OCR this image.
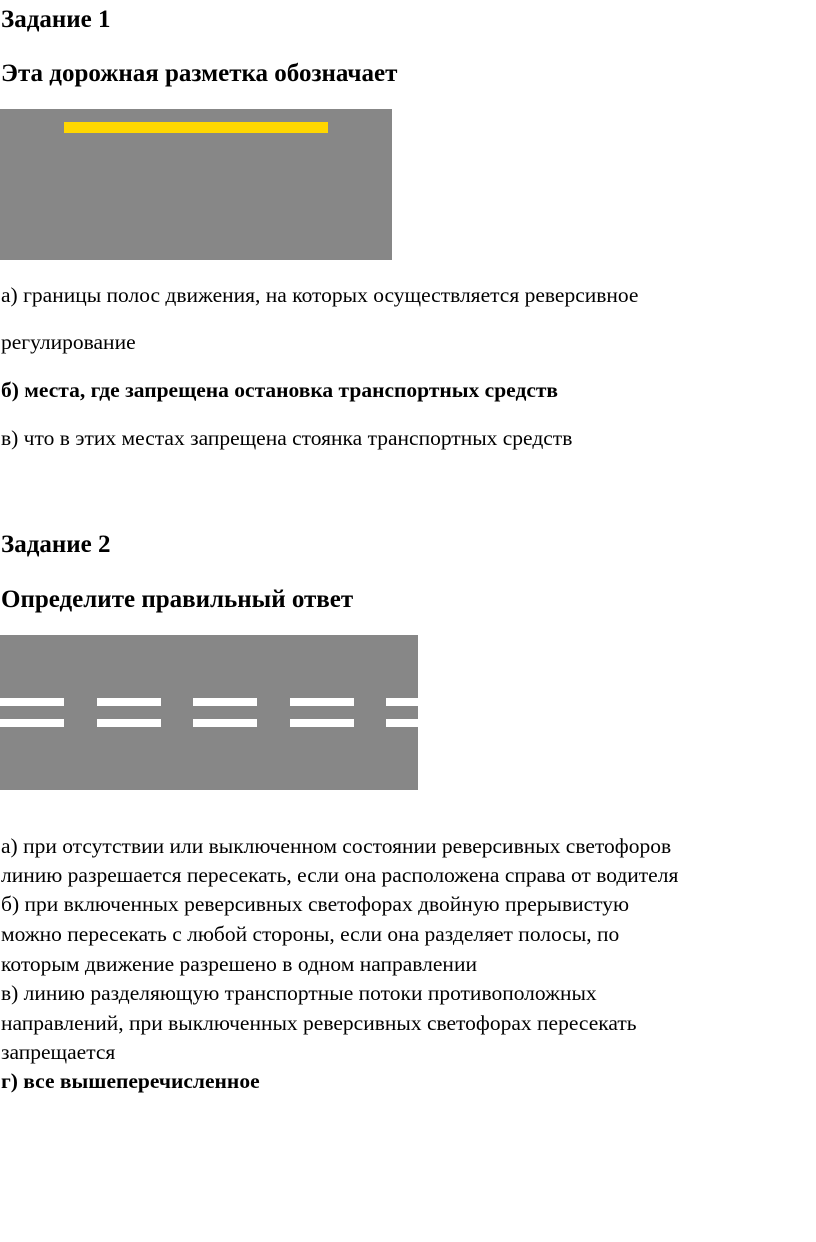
Задание 1
Эта дорожная разметка обозначает
а) границы полос движения, на которых осуществляется реверсивное
регулирование
б) места, где запрещена остановка транспортных средств
в) что в этих местах запрещена стоянка транспортных средств
Задание 2
Определите правильный ответ
а) при отсутствии или выключенном состоянии реверсивных светофоров
линию разрешается пересекать, если она расположена справа от водителя
б) при включенных реверсивных светофорах двойную прерывистую
можно пересекать с любой стороны, если она разделяет полосы, по
которым движение разрешено в одном направлении
в) линию разделяющую транспортные потоки противоположных
направлений, при выключенных реверсивных светофорах пересекать
запрещается
г) все вышеперечисленное
